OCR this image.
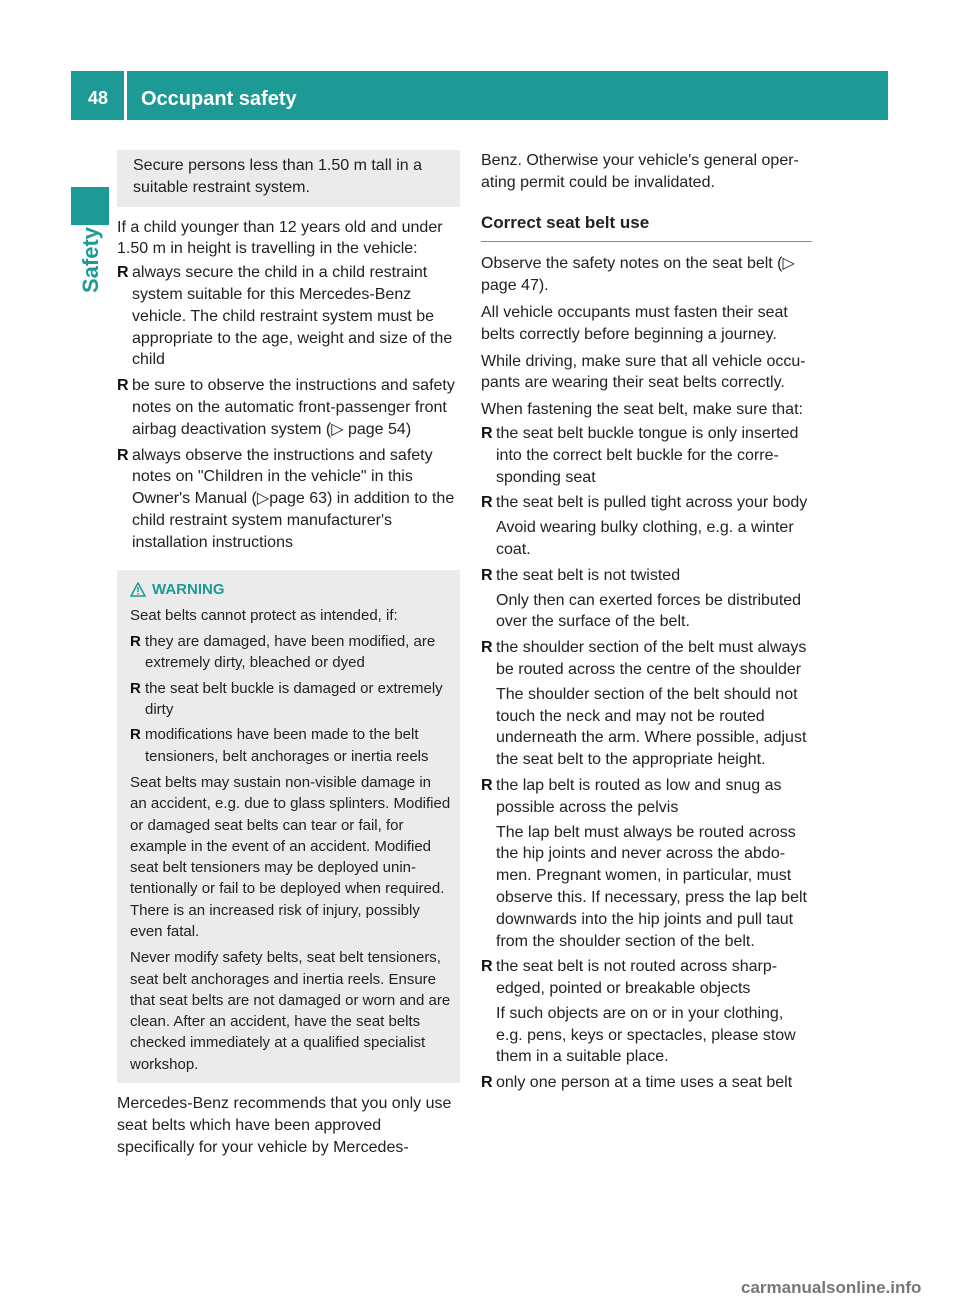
48	Occupant safety
Safety

Secure persons less than 1.50 m tall in a suitable restraint system.

If a child younger than 12 years old and under 1.50 m in height is travelling in the vehicle:

R always secure the child in a child restraint system suitable for this Mercedes-Benz vehicle. The child restraint system must be appropriate to the age, weight and size of the child
R be sure to observe the instructions and safety notes on the automatic front-passenger front airbag deactivation system (▷ page 54)
R always observe the instructions and safety notes on "Children in the vehicle" in this Owner's Manual (▷page 63) in addition to the child restraint system manufacturer's installation instructions
WARNING

Seat belts cannot protect as intended, if:

R they are damaged, have been modified, are extremely dirty, bleached or dyed
R the seat belt buckle is damaged or extremely dirty
R modifications have been made to the belt tensioners, belt anchorages or inertia reels

Seat belts may sustain non-visible damage in an accident, e.g. due to glass splinters. Modified or damaged seat belts can tear or fail, for example in the event of an accident. Modified seat belt tensioners may be deployed unintentionally or fail to be deployed when required. There is an increased risk of injury, possibly even fatal.

Never modify safety belts, seat belt tensioners, seat belt anchorages and inertia reels. Ensure that seat belts are not damaged or worn and are clean. After an accident, have the seat belts checked immediately at a qualified specialist workshop.

Mercedes-Benz recommends that you only use seat belts which have been approved specifically for your vehicle by Mercedes-

Benz. Otherwise your vehicle's general operating permit could be invalidated.

Correct seat belt use

Observe the safety notes on the seat belt (▷ page 47).

All vehicle occupants must fasten their seat belts correctly before beginning a journey.

While driving, make sure that all vehicle occupants are wearing their seat belts correctly.

When fastening the seat belt, make sure that:

R the seat belt buckle tongue is only inserted into the correct belt buckle for the corresponding seat
R the seat belt is pulled tight across your body
Avoid wearing bulky clothing, e.g. a winter coat.
R the seat belt is not twisted
Only then can exerted forces be distributed over the surface of the belt.
R the shoulder section of the belt must always be routed across the centre of the shoulder
The shoulder section of the belt should not touch the neck and may not be routed underneath the arm. Where possible, adjust the seat belt to the appropriate height.
R the lap belt is routed as low and snug as possible across the pelvis
The lap belt must always be routed across the hip joints and never across the abdomen. Pregnant women, in particular, must observe this. If necessary, press the lap belt downwards into the hip joints and pull taut from the shoulder section of the belt.
R the seat belt is not routed across sharp-edged, pointed or breakable objects
If such objects are on or in your clothing, e.g. pens, keys or spectacles, please stow them in a suitable place.
R only one person at a time uses a seat belt
carmanualsonline.info
